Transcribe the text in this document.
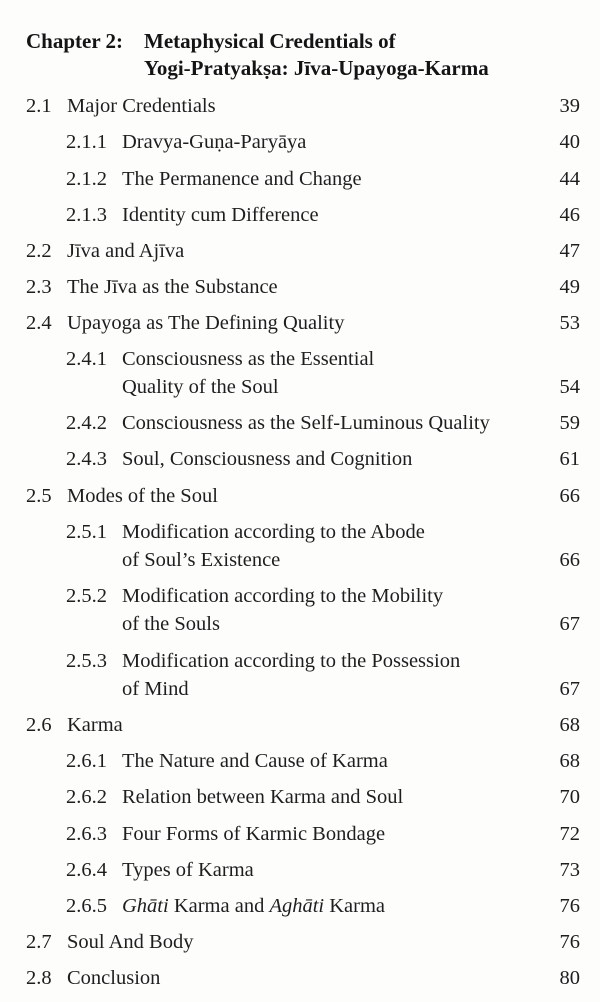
Chapter 2: Metaphysical Credentials of
Yogi-Pratyakṣa: Jīva-Upayoga-Karma
2.1 Major Credentials	39
2.1.1 Dravya-Guṇa-Paryāya	40
2.1.2 The Permanence and Change	44
2.1.3 Identity cum Difference	46
2.2 Jīva and Ajīva	47
2.3 The Jīva as the Substance	49
2.4 Upayoga as The Defining Quality	53
2.4.1 Consciousness as the Essential
Quality of the Soul	54
2.4.2 Consciousness as the Self-Luminous Quality	59
2.4.3 Soul, Consciousness and Cognition	61
2.5 Modes of the Soul	66
2.5.1 Modification according to the Abode
of Soul’s Existence	66
2.5.2 Modification according to the Mobility
of the Souls	67
2.5.3 Modification according to the Possession
of Mind	67
2.6 Karma	68
2.6.1 The Nature and Cause of Karma	68
2.6.2 Relation between Karma and Soul	70
2.6.3 Four Forms of Karmic Bondage	72
2.6.4 Types of Karma	73
2.6.5 Ghāti Karma and Aghāti Karma	76
2.7 Soul And Body	76
2.8 Conclusion	80
